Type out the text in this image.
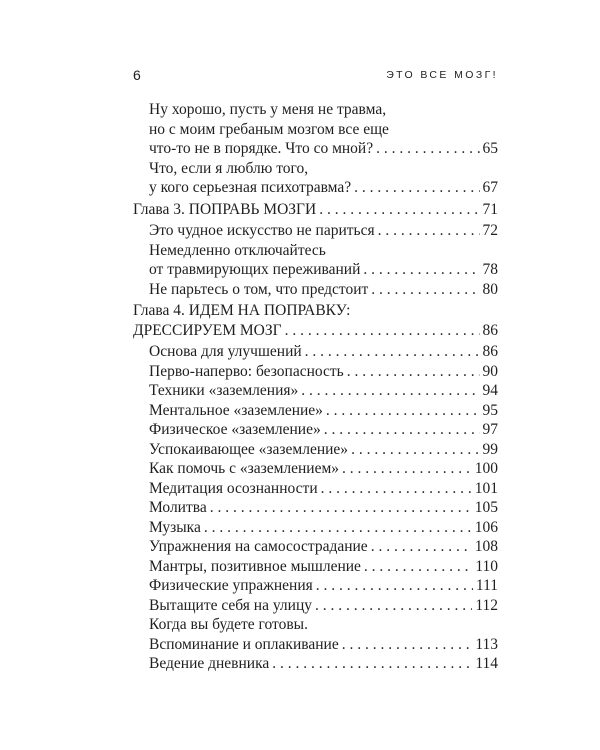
6	ЭТО ВСЕ МОЗГ!
Ну хорошо, пусть у меня не травма,
но с моим гребаным мозгом все еще
что-то не в порядке. Что со мной? . . .	65
Что, если я люблю того,
у кого серьезная психотравма? . . .	67
Глава 3. ПОПРАВЬ МОЗГИ . . .	71
Это чудное искусство не париться . . .	72
Немедленно отключайтесь
от травмирующих переживаний . . .	78
Не парьтесь о том, что предстоит . . .	80
Глава 4. ИДЕМ НА ПОПРАВКУ:
ДРЕССИРУЕМ МОЗГ . . .	86
Основа для улучшений . . .	86
Перво-наперво: безопасность . . .	90
Техники «заземления» . . .	94
Ментальное «заземление» . . .	95
Физическое «заземление» . . .	97
Успокаивающее «заземление» . . .	99
Как помочь с «заземлением» . . .	100
Медитация осознанности . . .	101
Молитва . . .	105
Музыка . . .	106
Упражнения на самосострадание . . .	108
Мантры, позитивное мышление . . .	110
Физические упражнения . . .	111
Вытащите себя на улицу . . .	112
Когда вы будете готовы.
Вспоминание и оплакивание . . .	113
Ведение дневника . . .	114
